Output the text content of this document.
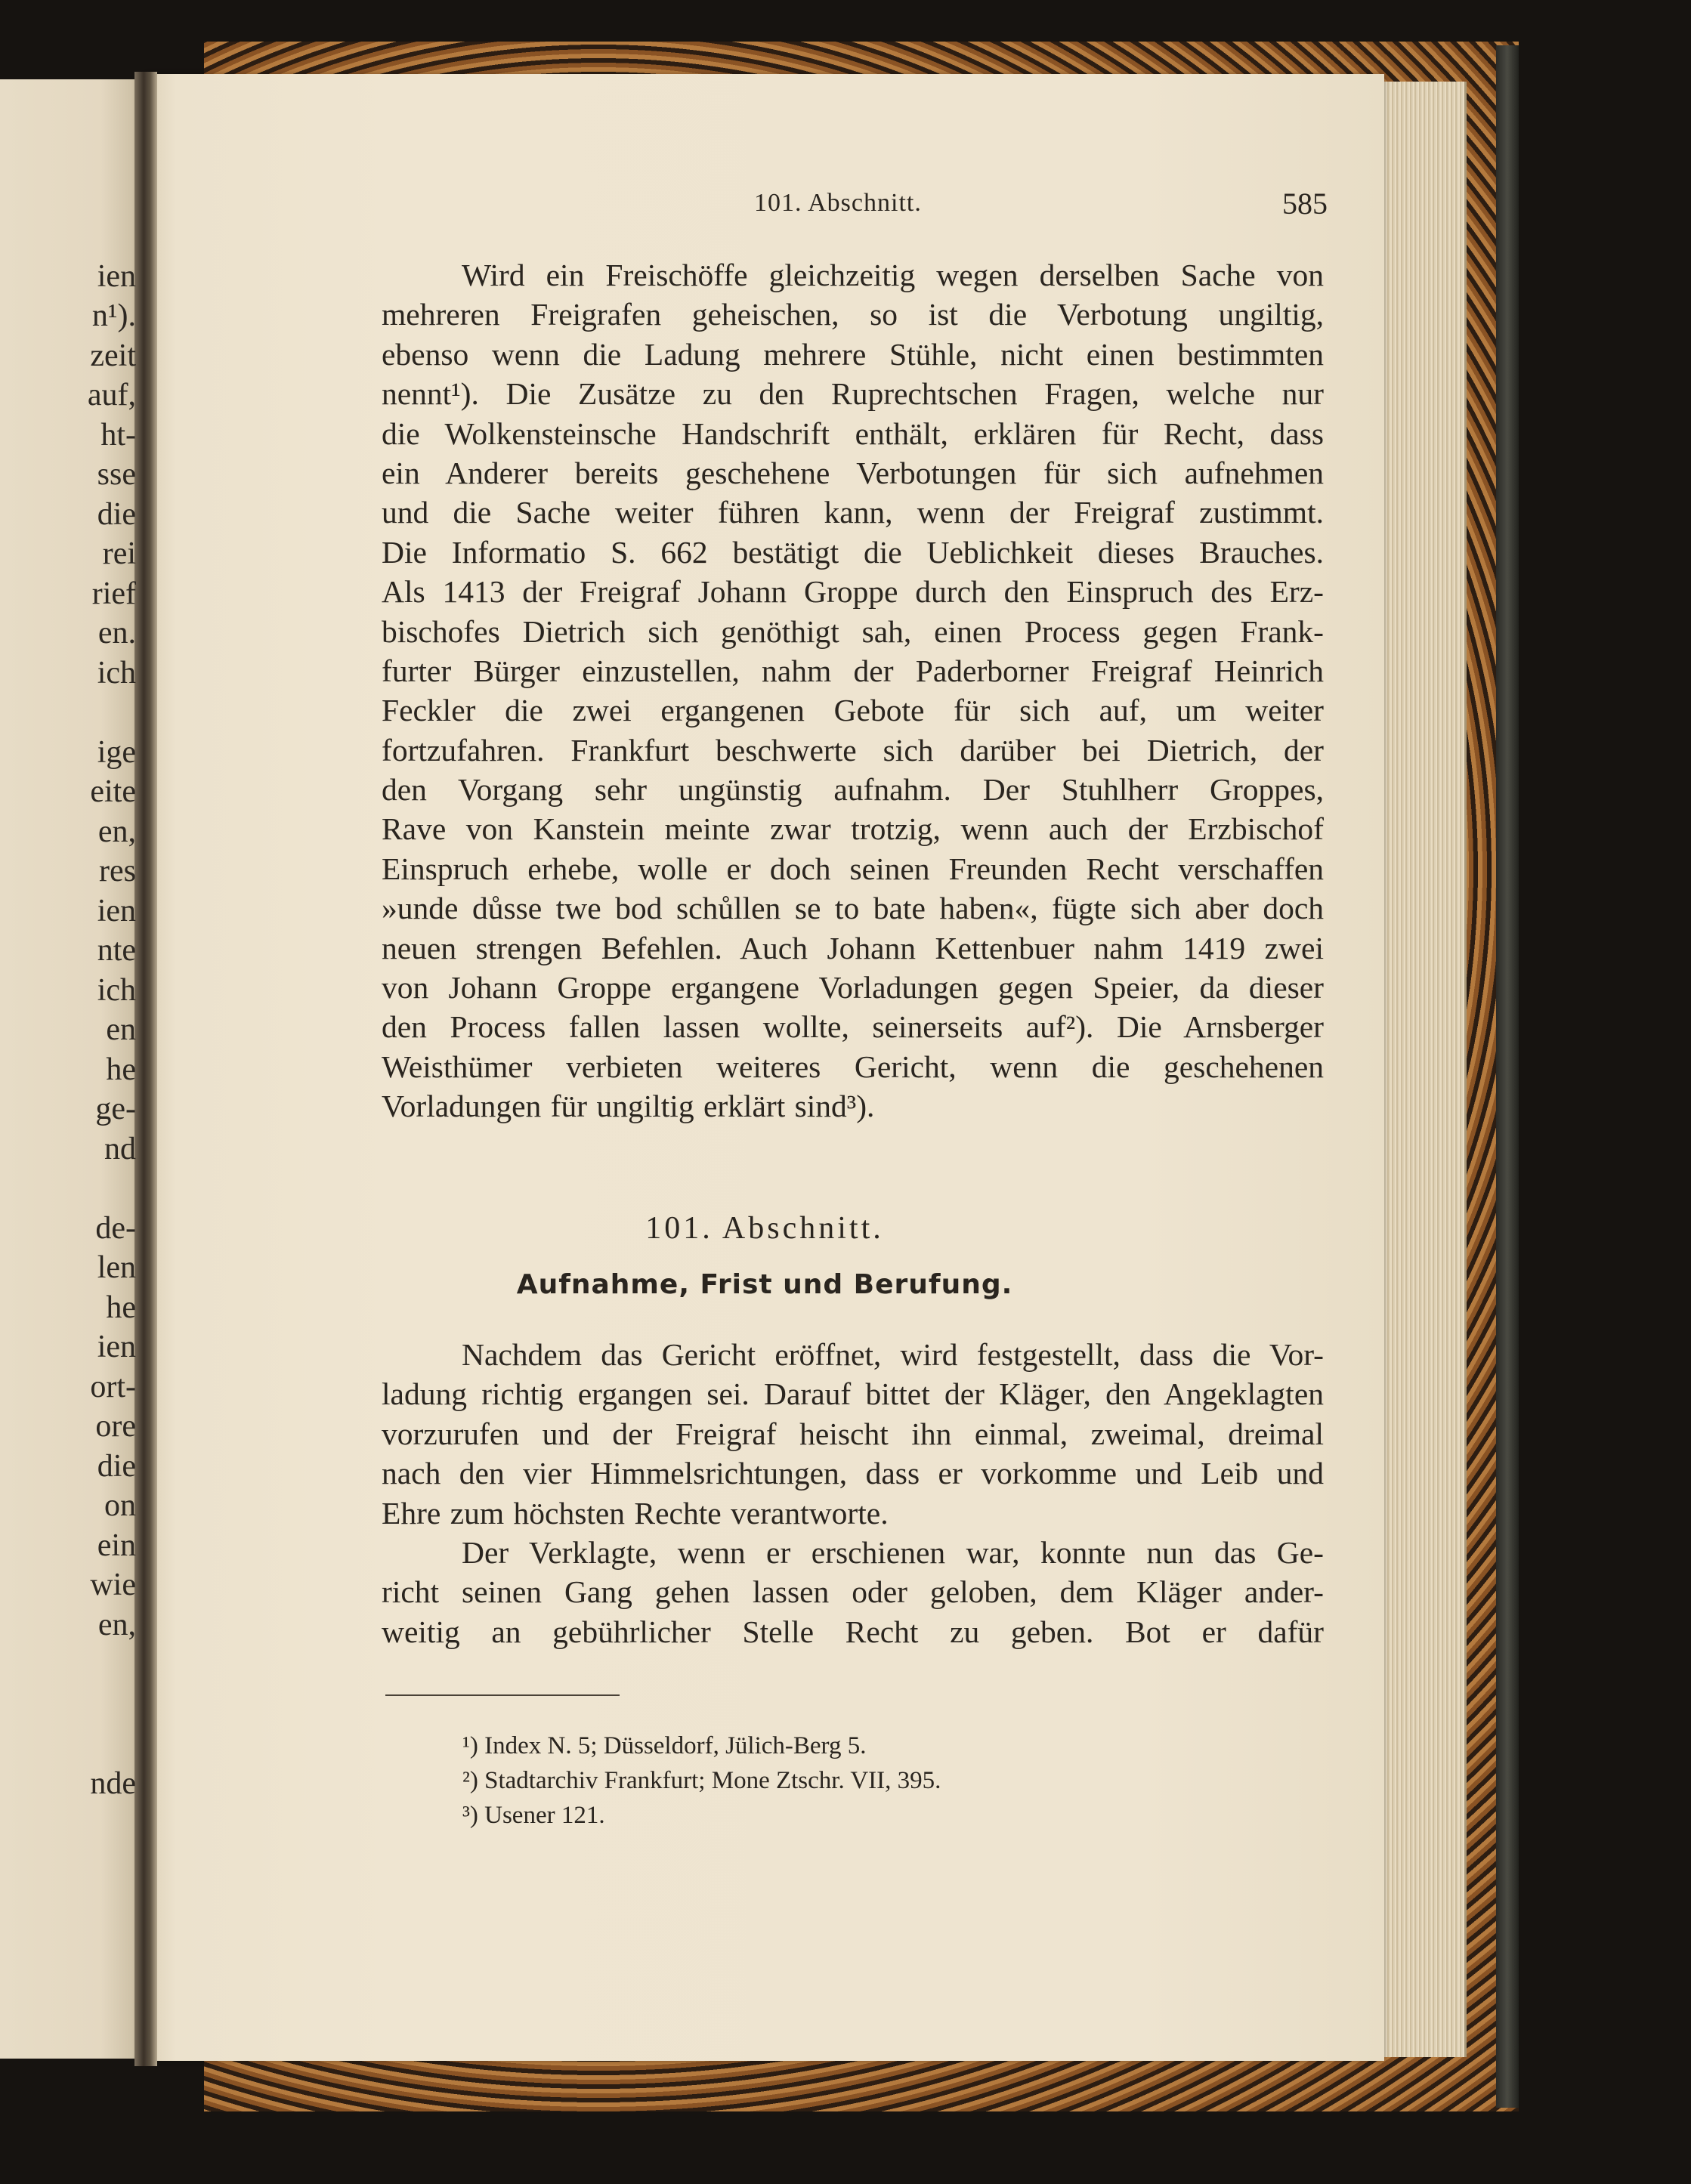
ien
n¹).
zeit
auf,
ht-
sse
die
rei
rief
en.
ich
ige
eite
en,
res
ien
nte
ich
en
he
ge-
nd
de-
len
he
ien
ort-
ore
die
on
ein
wie
en,
nde
101. Abschnitt.	585
Wird ein Freischöffe gleichzeitig wegen derselben Sache von
mehreren Freigrafen geheischen, so ist die Verbotung ungiltig,
ebenso wenn die Ladung mehrere Stühle, nicht einen bestimmten
nennt¹). Die Zusätze zu den Ruprechtschen Fragen, welche nur
die Wolkensteinsche Handschrift enthält, erklären für Recht, dass
ein Anderer bereits geschehene Verbotungen für sich aufnehmen
und die Sache weiter führen kann, wenn der Freigraf zustimmt.
Die Informatio S. 662 bestätigt die Ueblichkeit dieses Brauches.
Als 1413 der Freigraf Johann Groppe durch den Einspruch des Erz-
bischofes Dietrich sich genöthigt sah, einen Process gegen Frank-
furter Bürger einzustellen, nahm der Paderborner Freigraf Heinrich
Feckler die zwei ergangenen Gebote für sich auf, um weiter
fortzufahren. Frankfurt beschwerte sich darüber bei Dietrich, der
den Vorgang sehr ungünstig aufnahm. Der Stuhlherr Groppes,
Rave von Kanstein meinte zwar trotzig, wenn auch der Erzbischof
Einspruch erhebe, wolle er doch seinen Freunden Recht verschaffen
»unde důsse twe bod schůllen se to bate haben«, fügte sich aber doch
neuen strengen Befehlen. Auch Johann Kettenbuer nahm 1419 zwei
von Johann Groppe ergangene Vorladungen gegen Speier, da dieser
den Process fallen lassen wollte, seinerseits auf²). Die Arnsberger
Weisthümer verbieten weiteres Gericht, wenn die geschehenen
Vorladungen für ungiltig erklärt sind³).
101. Abschnitt.
Aufnahme, Frist und Berufung.
Nachdem das Gericht eröffnet, wird festgestellt, dass die Vor-
ladung richtig ergangen sei. Darauf bittet der Kläger, den Angeklagten
vorzurufen und der Freigraf heischt ihn einmal, zweimal, dreimal
nach den vier Himmelsrichtungen, dass er vorkomme und Leib und
Ehre zum höchsten Rechte verantworte.
Der Verklagte, wenn er erschienen war, konnte nun das Ge-
richt seinen Gang gehen lassen oder geloben, dem Kläger ander-
weitig an gebührlicher Stelle Recht zu geben. Bot er dafür
¹) Index N. 5; Düsseldorf, Jülich-Berg 5.
²) Stadtarchiv Frankfurt; Mone Ztschr. VII, 395.
³) Usener 121.
